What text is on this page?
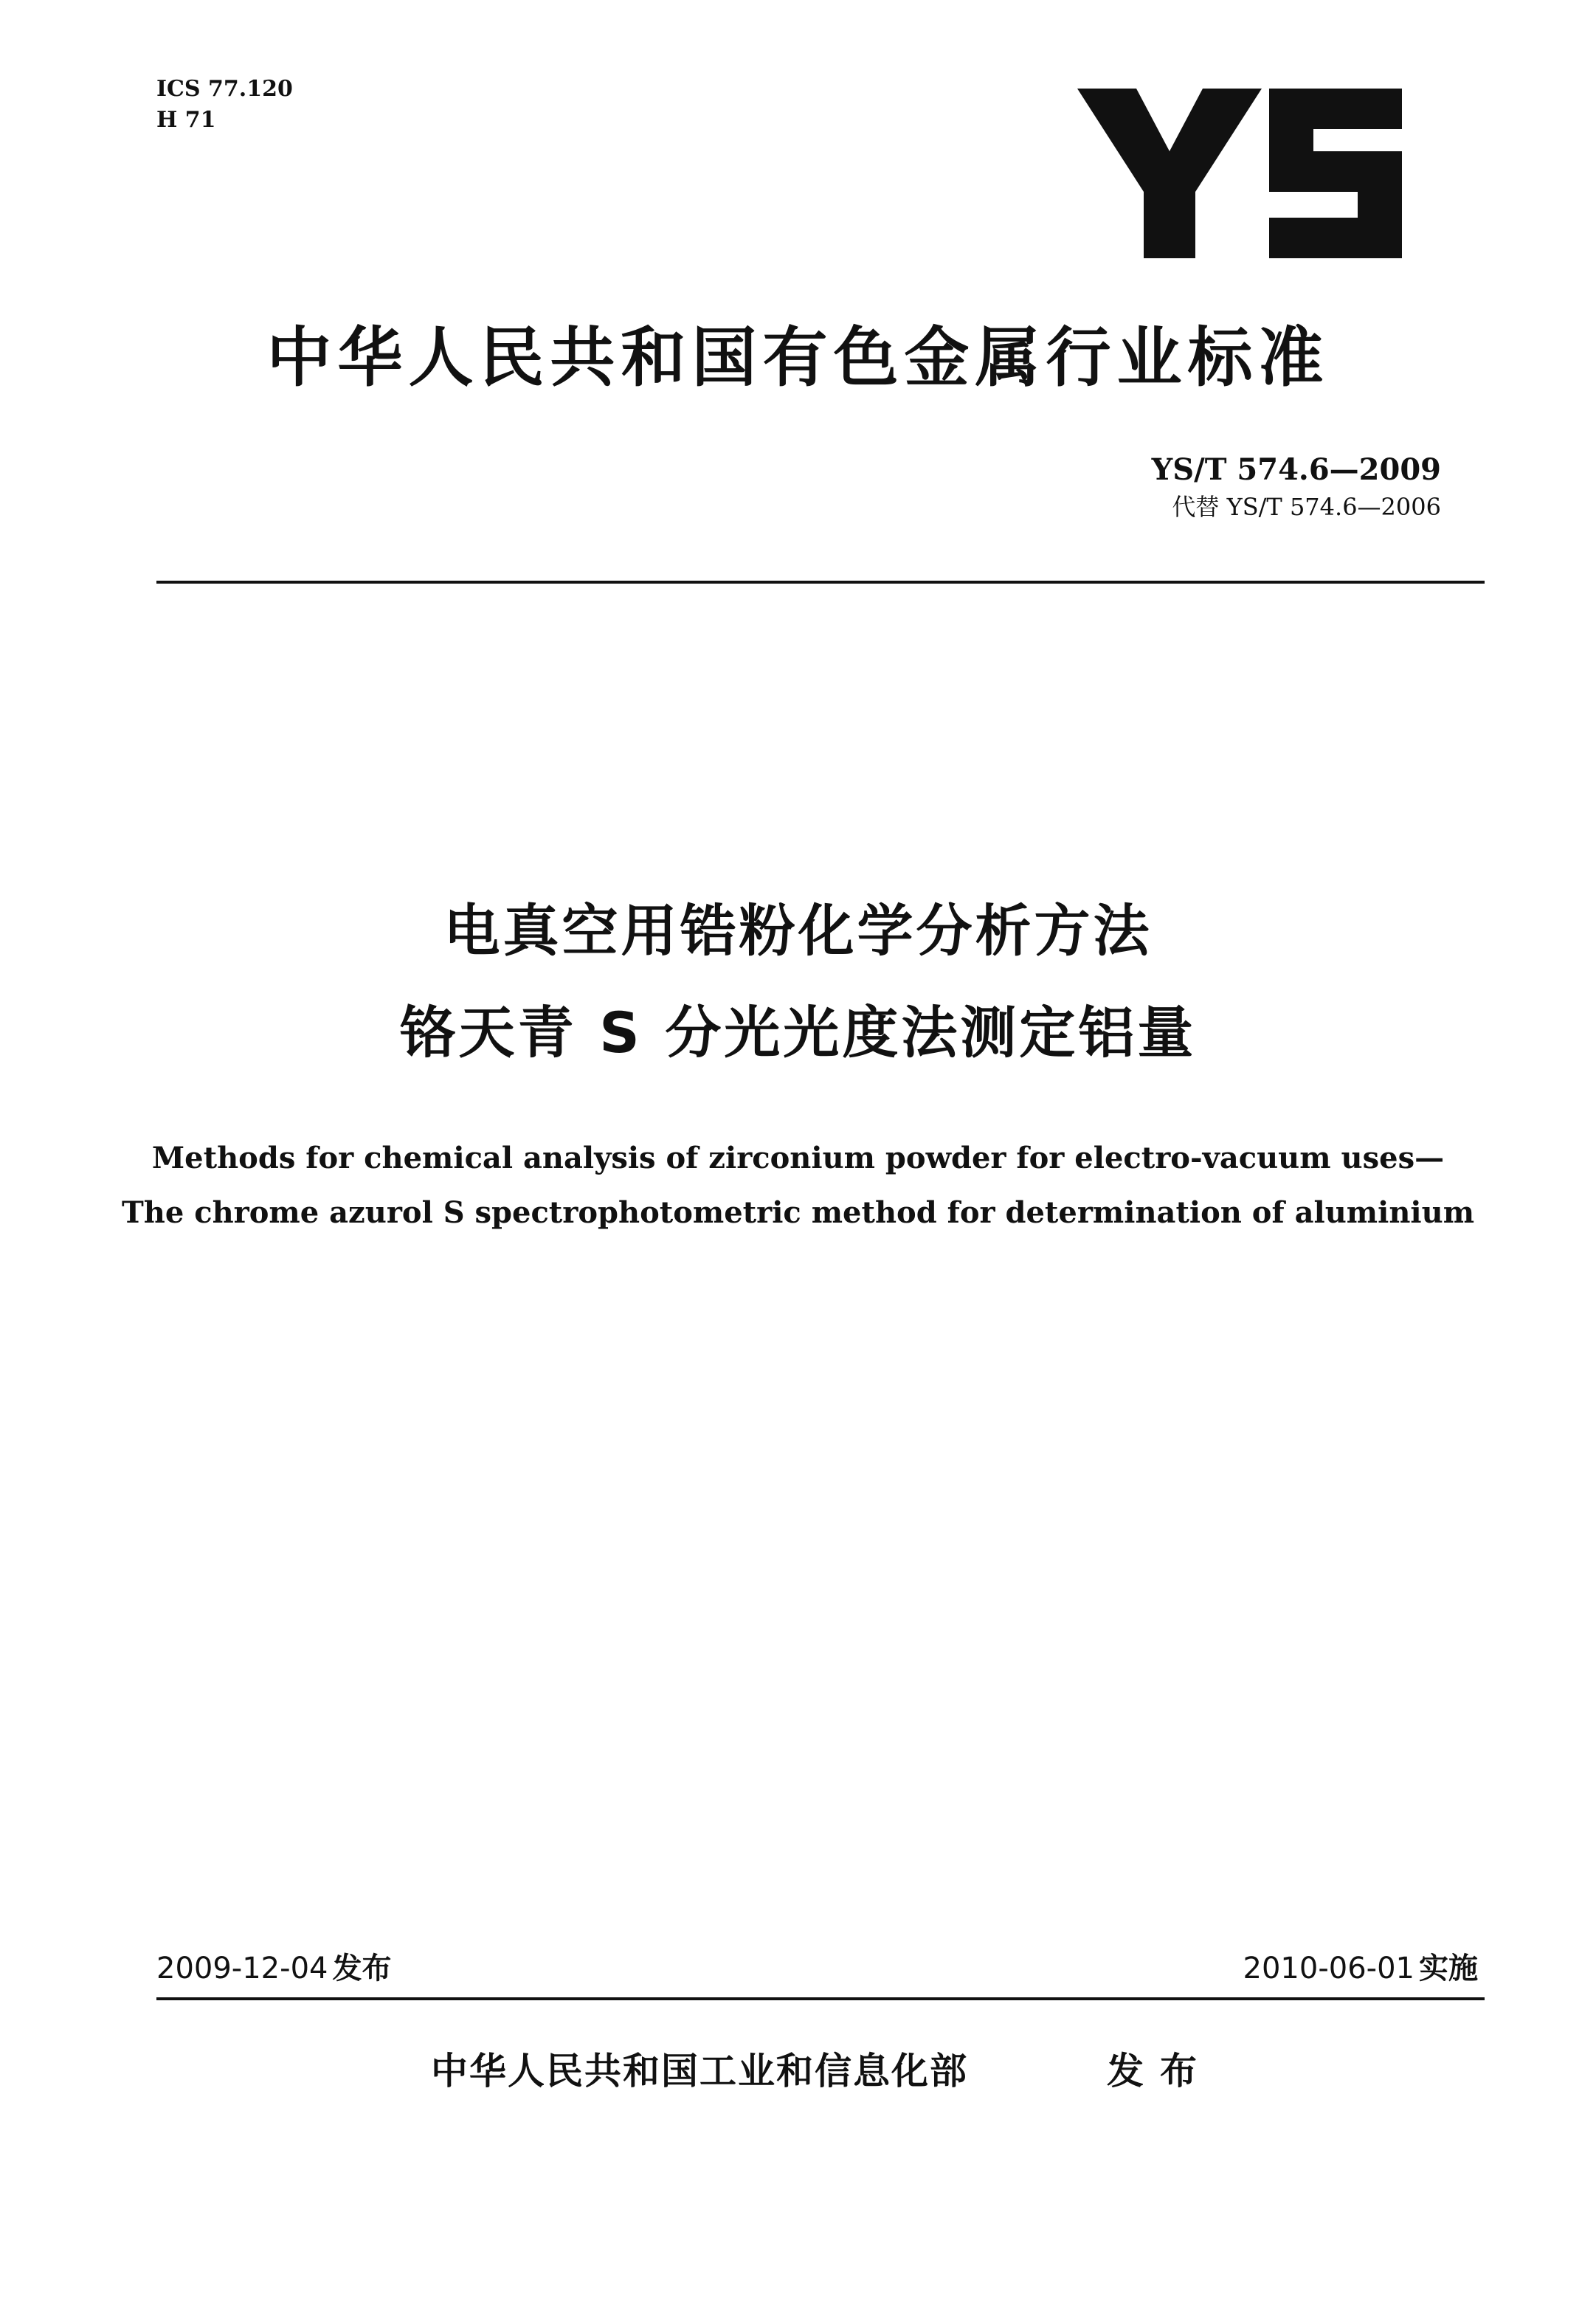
ICS 77.120
H 71
中华人民共和国有色金属行业标准
YS/T 574.6—2009
代替 YS/T 574.6—2006
电真空用锆粉化学分析方法
铬天青 S 分光光度法测定铝量
Methods for chemical analysis of zirconium powder for electro-vacuum uses—
The chrome azurol S spectrophotometric method for determination of aluminium
2009-12-04 发布	2010-06-01 实施
中华人民共和国工业和信息化部	发布
